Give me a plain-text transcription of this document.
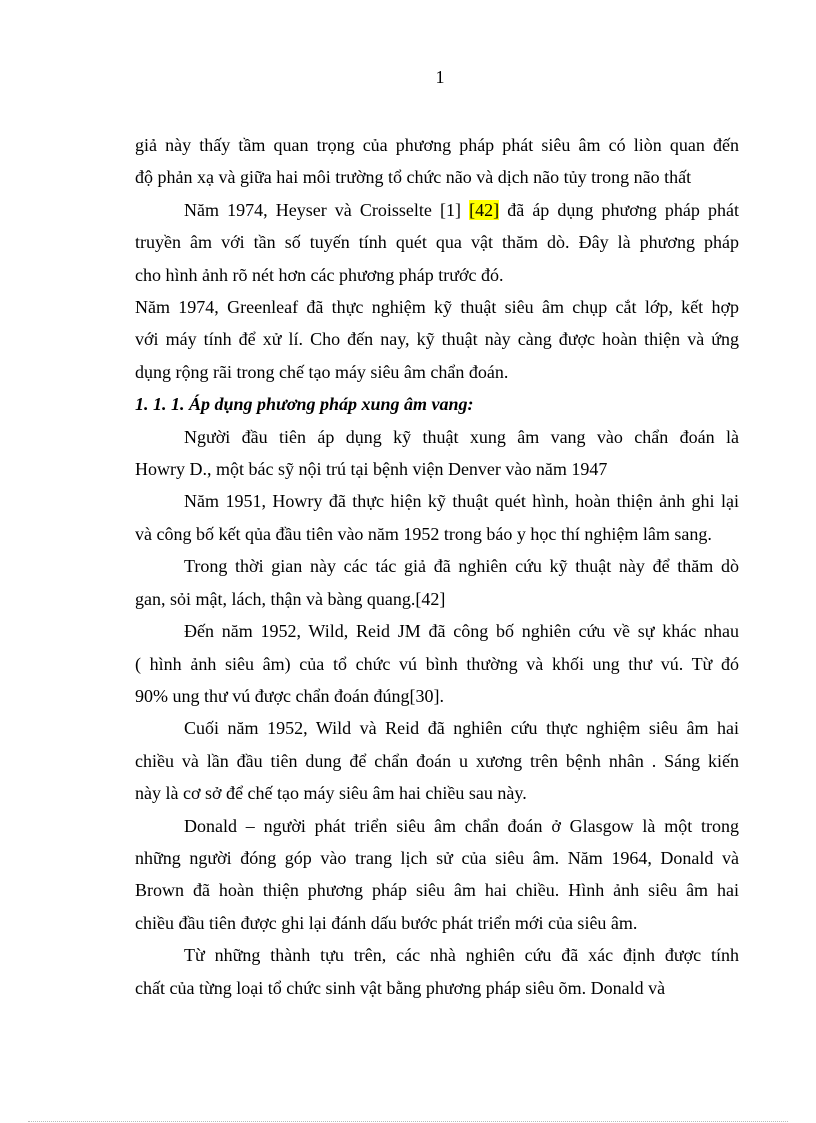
1

giả này thấy tầm quan trọng của phương pháp phát siêu âm có liòn quan đến

độ phản xạ và giữa hai môi trường tổ chức não và dịch não tủy trong não thất

Năm 1974, Heyser và Croisselte [1] [42] đã áp dụng phương pháp phát

truyền âm với tần số tuyến tính quét qua vật thăm dò. Đây là phương pháp

cho hình ảnh rõ nét hơn các phương pháp trước đó.

Năm 1974, Greenleaf đã thực nghiệm kỹ thuật siêu âm chụp cắt lớp, kết hợp

với máy tính để xử lí. Cho đến nay, kỹ thuật này càng được hoàn thiện và ứng

dụng rộng rãi trong chế tạo máy siêu âm chẩn đoán.

1. 1. 1. Áp dụng phương pháp xung âm vang:

Người đầu tiên áp dụng kỹ thuật xung âm vang vào chẩn đoán là

Howry D., một bác sỹ nội trú tại bệnh viện Denver vào năm 1947

Năm 1951, Howry đã thực hiện kỹ thuật quét hình, hoàn thiện ảnh ghi lại

và công bố kết qủa đầu tiên vào năm 1952 trong báo y học thí nghiệm lâm sang.

Trong thời gian này các tác giả đã nghiên cứu kỹ thuật này để thăm dò

gan, sỏi mật, lách, thận và bàng quang.[42]

Đến năm 1952, Wild, Reid JM đã công bố nghiên cứu về sự khác nhau

( hình ảnh siêu âm) của tổ chức vú bình thường và khối ung thư vú. Từ đó

90% ung thư vú được chẩn đoán đúng[30].

Cuối năm 1952, Wild và Reid đã nghiên cứu thực nghiệm siêu âm hai

chiều và lần đầu tiên dung để chẩn đoán u xương trên bệnh nhân . Sáng kiến

này là cơ sở để chế tạo máy siêu âm hai chiều sau này.

Donald – người phát triển siêu âm chẩn đoán ở Glasgow là một trong

những người đóng góp vào trang lịch sử của siêu âm. Năm 1964, Donald và

Brown đã hoàn thiện phương pháp siêu âm hai chiều. Hình ảnh siêu âm hai

chiều đầu tiên được ghi lại đánh dấu bước phát triển mới của siêu âm.

Từ những thành tựu trên, các nhà nghiên cứu đã xác định được tính

chất của từng loại tổ chức sinh vật bằng phương pháp siêu õm. Donald và
